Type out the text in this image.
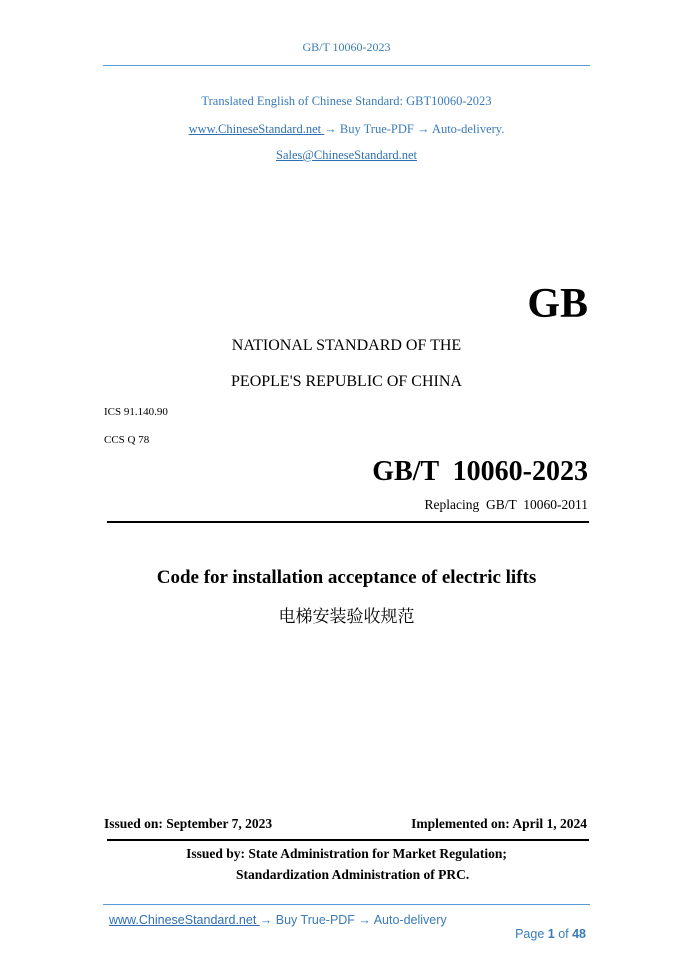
GB/T 10060-2023
Translated English of Chinese Standard: GBT10060-2023
www.ChineseStandard.net → Buy True-PDF → Auto-delivery.
Sales@ChineseStandard.net
GB
NATIONAL STANDARD OF THE
PEOPLE'S REPUBLIC OF CHINA
ICS 91.140.90
CCS Q 78
GB/T  10060-2023
Replacing  GB/T  10060-2011
Code for installation acceptance of electric lifts
电梯安装验收规范
Issued on: September 7, 2023	Implemented on: April 1, 2024
Issued by: State Administration for Market Regulation;
Standardization Administration of PRC.
www.ChineseStandard.net → Buy True-PDF → Auto-delivery

Page 1 of 48
